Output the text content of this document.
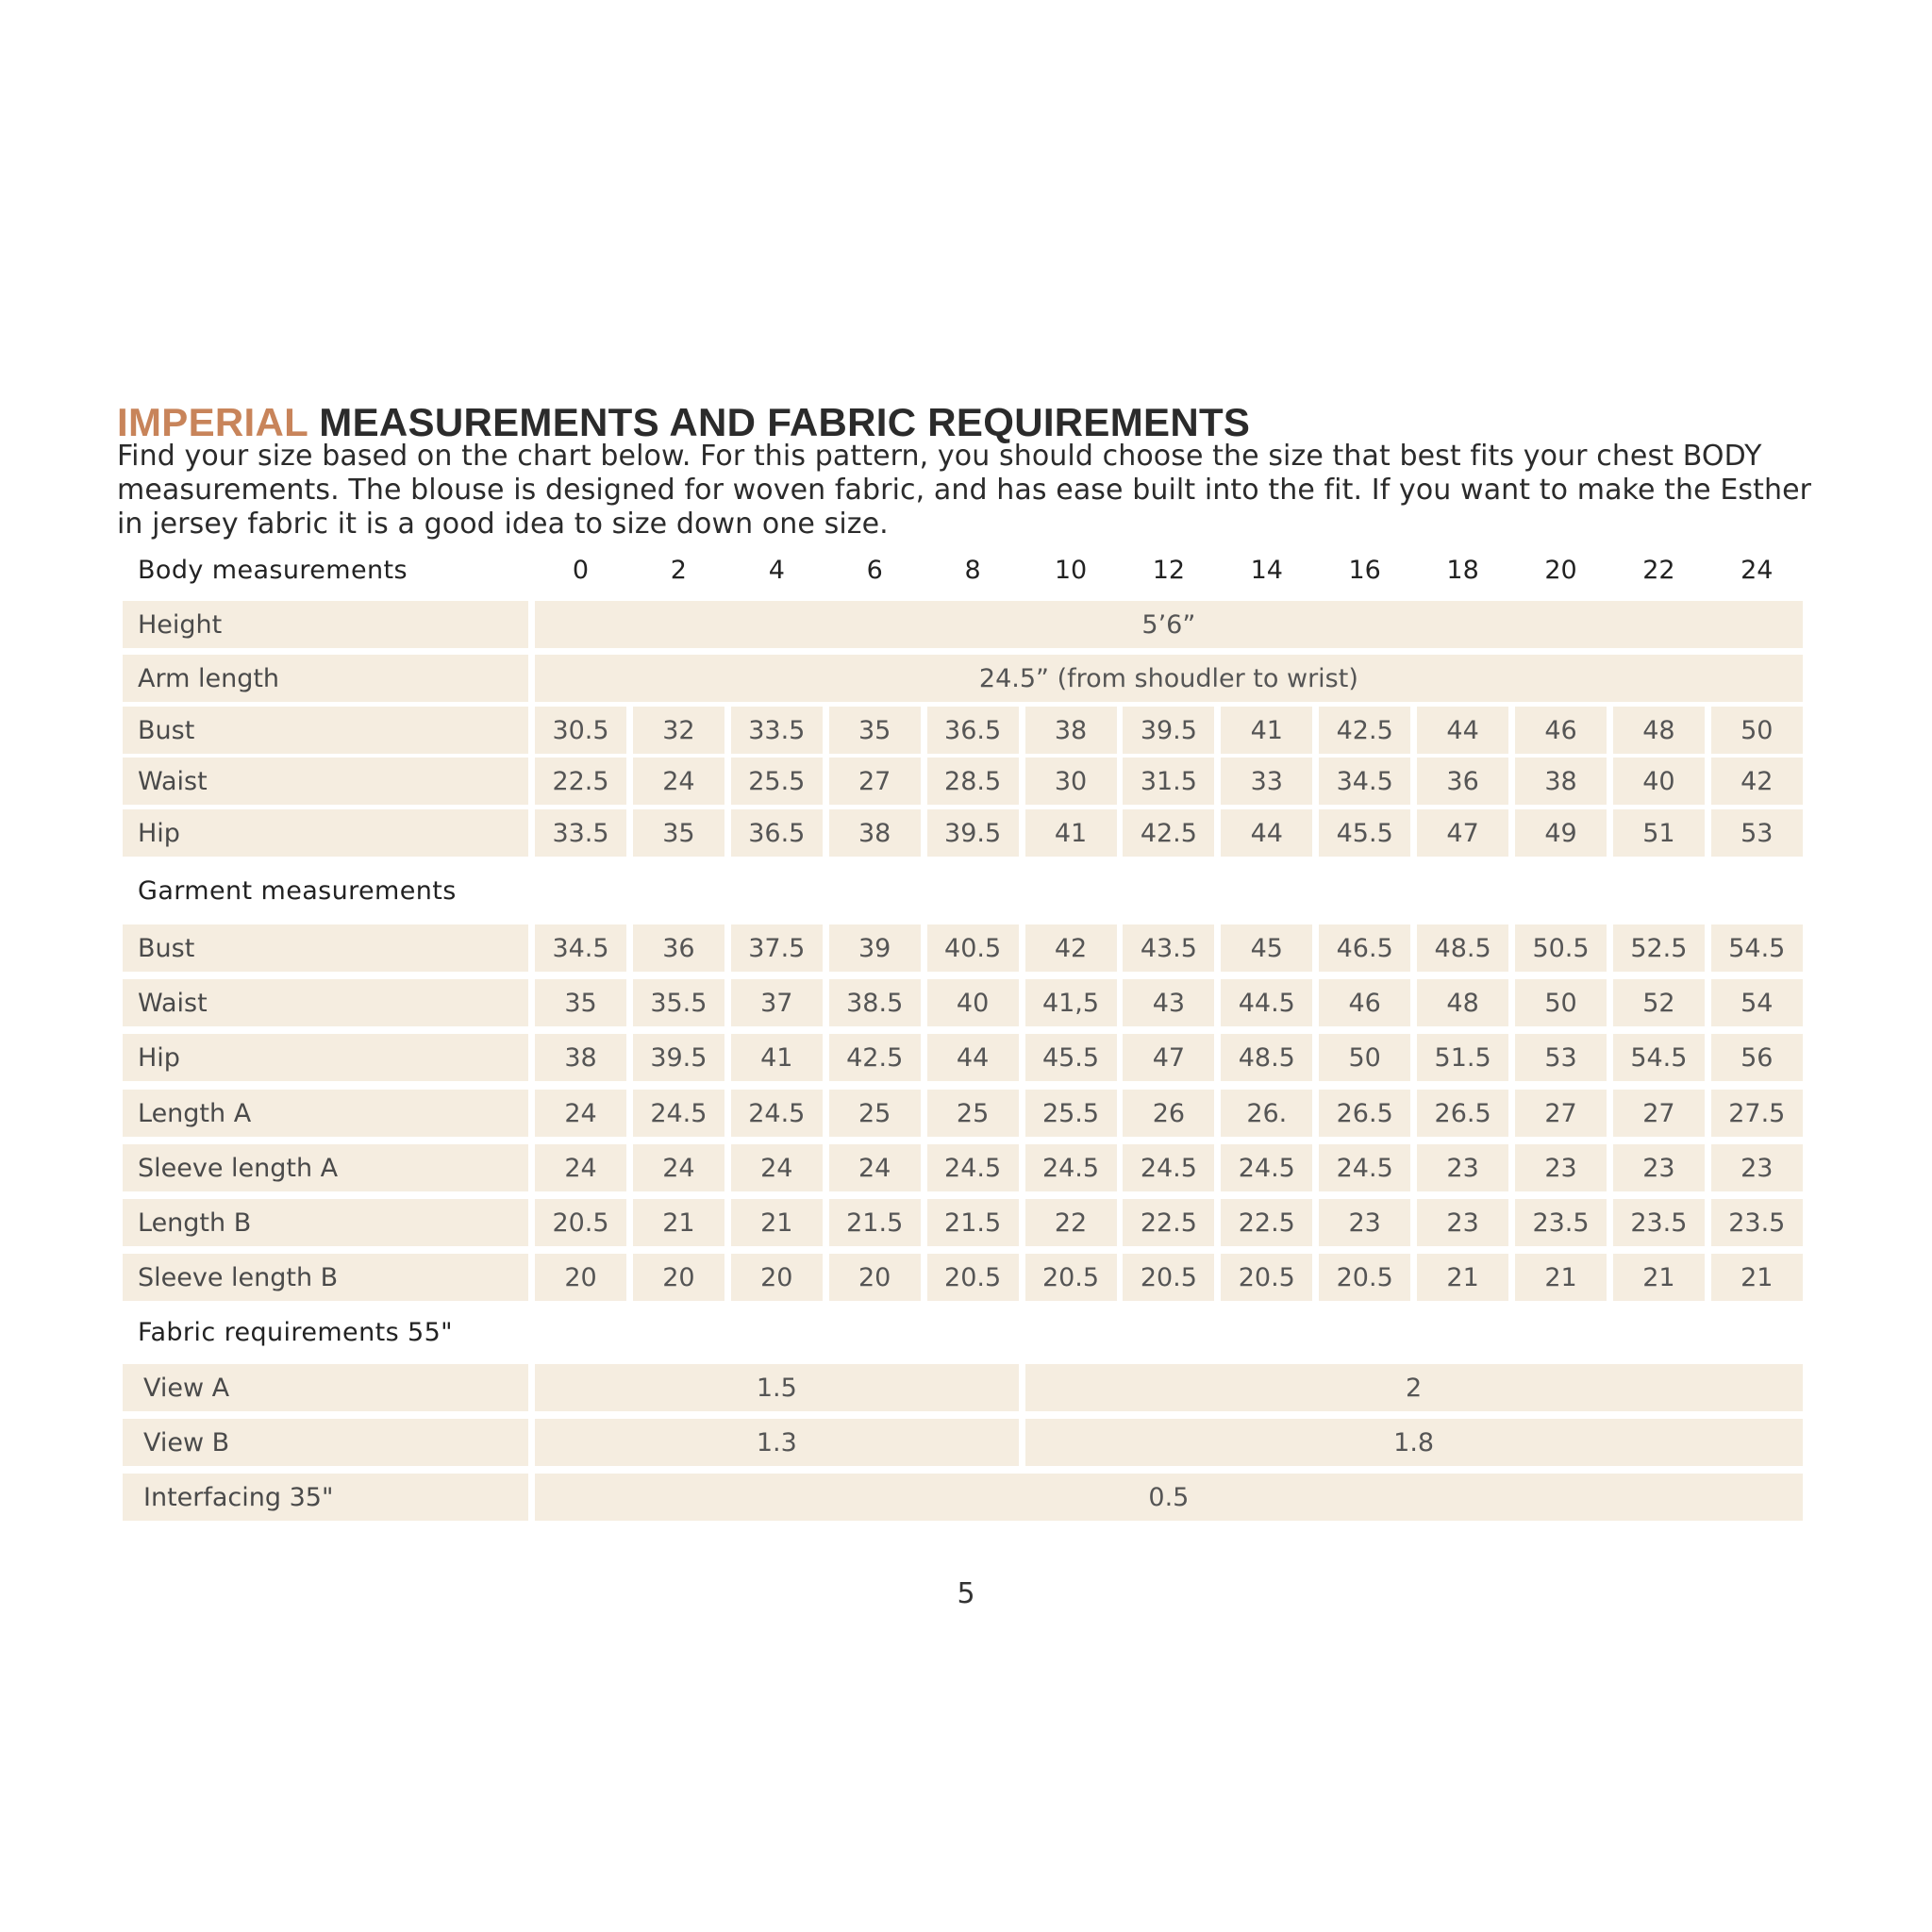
IMPERIAL MEASUREMENTS AND FABRIC REQUIREMENTS

Find your size based on the chart below. For this pattern, you should choose the size that best fits your chest BODY measurements. The blouse is designed for woven fabric, and has ease built into the fit. If you want to make the Esther in jersey fabric it is a good idea to size down one size.

Body measurements	0	2	4	6	8	10	12	14	16	18	20	22	24
Height	5’6”
Arm length	24.5” (from shoudler to wrist)
Bust	30.5	32	33.5	35	36.5	38	39.5	41	42.5	44	46	48	50
Waist	22.5	24	25.5	27	28.5	30	31.5	33	34.5	36	38	40	42
Hip	33.5	35	36.5	38	39.5	41	42.5	44	45.5	47	49	51	53
Garment measurements
Bust	34.5	36	37.5	39	40.5	42	43.5	45	46.5	48.5	50.5	52.5	54.5
Waist	35	35.5	37	38.5	40	41,5	43	44.5	46	48	50	52	54
Hip	38	39.5	41	42.5	44	45.5	47	48.5	50	51.5	53	54.5	56
Length A	24	24.5	24.5	25	25	25.5	26	26.	26.5	26.5	27	27	27.5
Sleeve length A	24	24	24	24	24.5	24.5	24.5	24.5	24.5	23	23	23	23
Length B	20.5	21	21	21.5	21.5	22	22.5	22.5	23	23	23.5	23.5	23.5
Sleeve length B	20	20	20	20	20.5	20.5	20.5	20.5	20.5	21	21	21	21
Fabric requirements 55"
View A	1.5	2
View B	1.3	1.8
Interfacing 35"	0.5
5
